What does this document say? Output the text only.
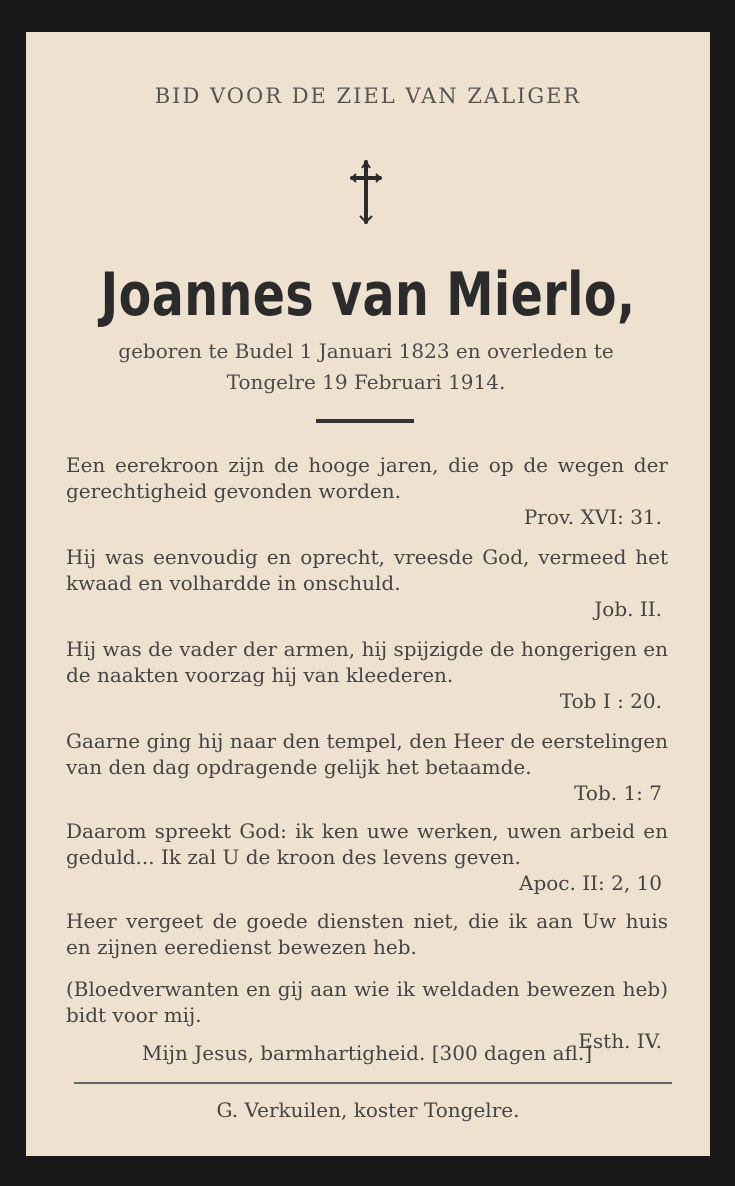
BID VOOR DE ZIEL VAN ZALIGER
Joannes van Mierlo,
geboren te Budel 1 Januari 1823 en overleden te
Tongelre 19 Februari 1914.
Een eerekroon zijn de hooge jaren, die op de wegen der gerechtigheid gevonden worden.
Prov. XVI: 31.
Hij was eenvoudig en oprecht, vreesde God, vermeed het kwaad en volhardde in onschuld.
Job. II.
Hij was de vader der armen, hij spijzigde de hongerigen en de naakten voorzag hij van kleederen.
Tob I : 20.
Gaarne ging hij naar den tempel, den Heer de eerstelingen van den dag opdragende gelijk het betaamde.
Tob. 1: 7
Daarom spreekt God: ik ken uwe werken, uwen arbeid en geduld... Ik zal U de kroon des levens geven.
Apoc. II: 2, 10
Heer vergeet de goede diensten niet, die ik aan Uw huis en zijnen eeredienst bewezen heb.
(Bloedverwanten en gij aan wie ik weldaden bewezen heb) bidt voor mij.
Esth. IV.
Mijn Jesus, barmhartigheid. [300 dagen afl.]
G. Verkuilen, koster Tongelre.
